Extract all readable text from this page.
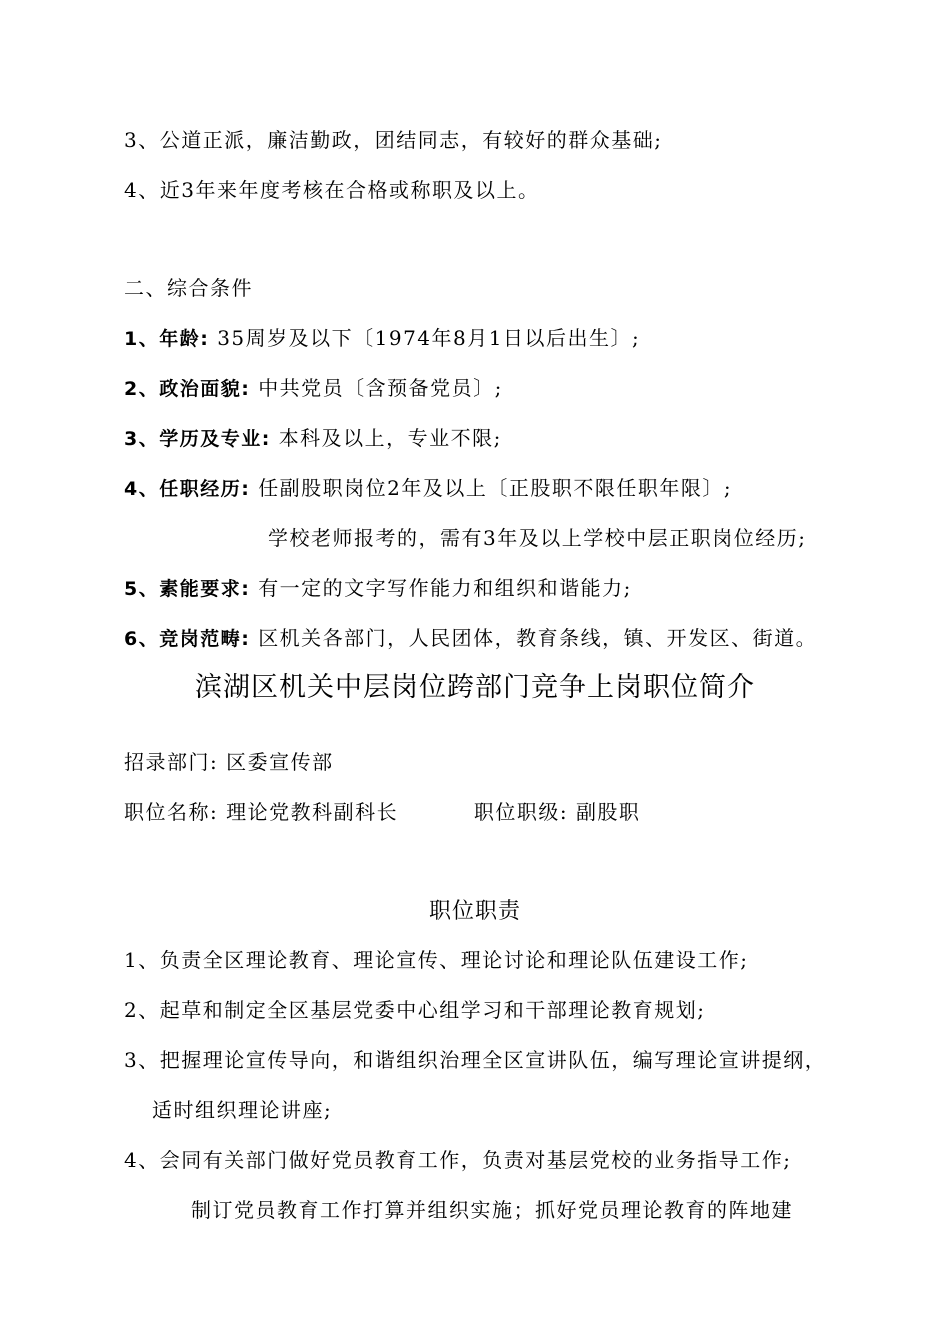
3、公道正派，廉洁勤政，团结同志，有较好的群众基础;
4、近3年来年度考核在合格或称职及以上。
二、综合条件
1、年龄: 35周岁及以下〔1974年8月1日以后出生〕;
2、政治面貌: 中共党员〔含预备党员〕;
3、学历及专业: 本科及以上，专业不限;
4、任职经历: 任副股职岗位2年及以上〔正股职不限任职年限〕;
学校老师报考的，需有3年及以上学校中层正职岗位经历;
5、素能要求: 有一定的文字写作能力和组织和谐能力;
6、竞岗范畴: 区机关各部门，人民团体，教育条线，镇、开发区、街道。
滨湖区机关中层岗位跨部门竞争上岗职位简介
招录部门: 区委宣传部
职位名称: 理论党教科副科长	职位职级: 副股职
职位职责
1、负责全区理论教育、理论宣传、理论讨论和理论队伍建设工作;
2、起草和制定全区基层党委中心组学习和干部理论教育规划;
3、把握理论宣传导向，和谐组织治理全区宣讲队伍，编写理论宣讲提纲，
适时组织理论讲座;
4、会同有关部门做好党员教育工作，负责对基层党校的业务指导工作;
制订党员教育工作打算并组织实施；抓好党员理论教育的阵地建
